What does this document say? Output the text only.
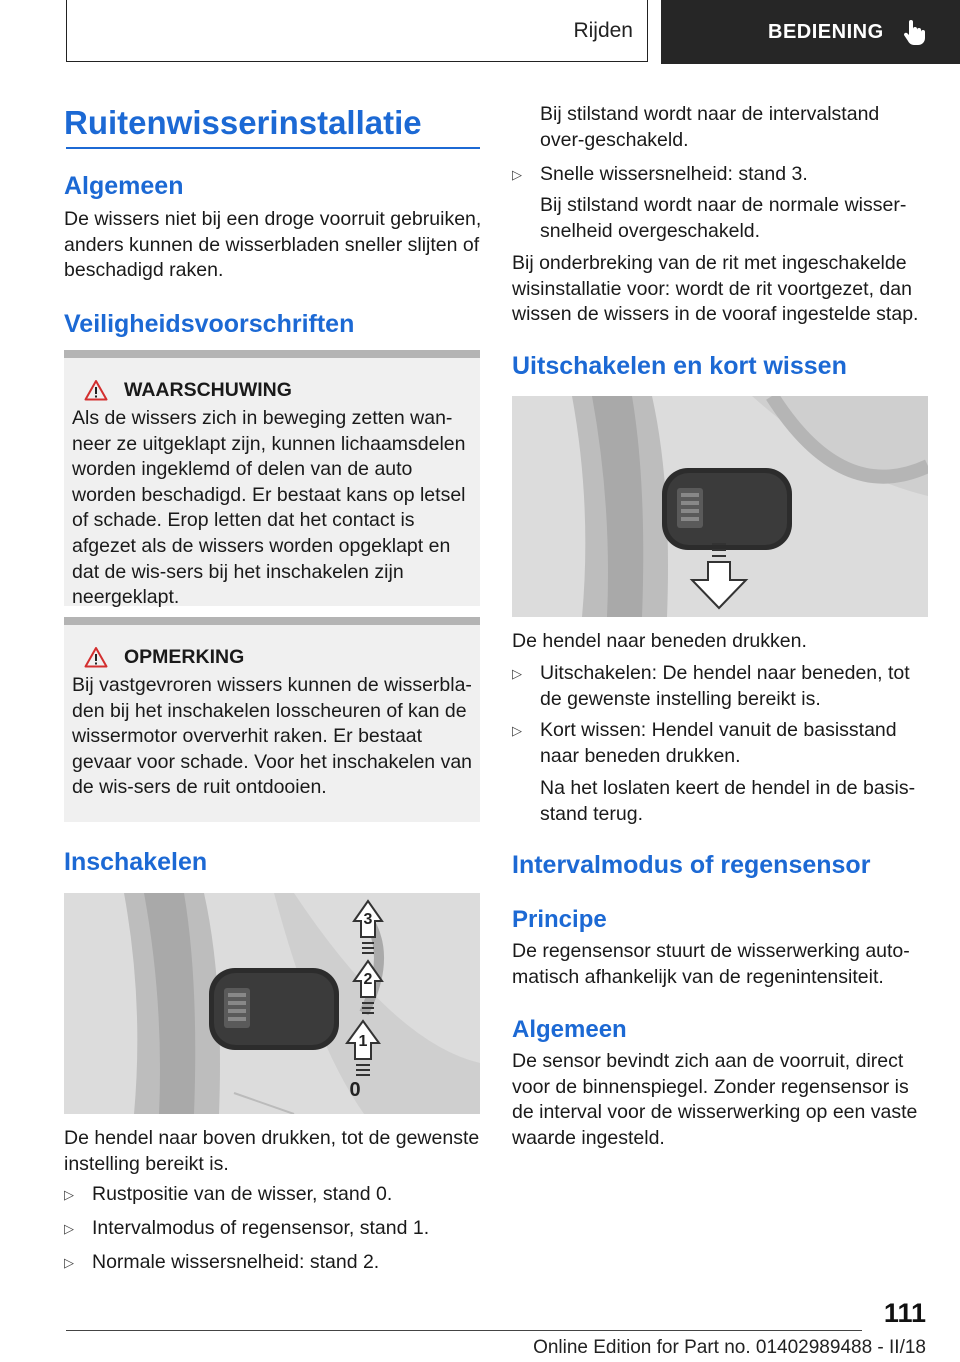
Rijden	BEDIENING
Ruitenwisserinstallatie
Algemeen

De wissers niet bij een droge voorruit gebruiken, anders kunnen de wisserbladen sneller slijten of beschadigd raken.

Veiligheidsvoorschriften
WAARSCHUWING

Als de wissers zich in beweging zetten wan-neer ze uitgeklapt zijn, kunnen lichaamsdelen worden ingeklemd of delen van de auto worden beschadigd. Er bestaat kans op letsel of schade. Erop letten dat het contact is afgezet als de wissers worden opgeklapt en dat de wis-sers bij het inschakelen zijn neergeklapt.

OPMERKING

Bij vastgevroren wissers kunnen de wisserbla-den bij het inschakelen losscheuren of kan de wissermotor oververhit raken. Er bestaat gevaar voor schade. Voor het inschakelen van de wis-sers de ruit ontdooien.

Inschakelen
3
2
1
0

De hendel naar boven drukken, tot de gewenste instelling bereikt is.

▷ Rustpositie van de wisser, stand 0.
▷ Intervalmodus of regensensor, stand 1.
▷ Normale wissersnelheid: stand 2.
Bij stilstand wordt naar de intervalstand over-geschakeld.
▷ Snelle wissersnelheid: stand 3.
Bij stilstand wordt naar de normale wisser-snelheid overgeschakeld.

Bij onderbreking van de rit met ingeschakelde wisinstallatie voor: wordt de rit voortgezet, dan wissen de wissers in de vooraf ingestelde stap.

Uitschakelen en kort wissen

De hendel naar beneden drukken.

▷ Uitschakelen: De hendel naar beneden, tot de gewenste instelling bereikt is.
▷ Kort wissen: Hendel vanuit de basisstand naar beneden drukken.
Na het loslaten keert de hendel in de basis-stand terug.
Intervalmodus of regensensor
Principe

De regensensor stuurt de wisserwerking auto-matisch afhankelijk van de regenintensiteit.

Algemeen

De sensor bevindt zich aan de voorruit, direct voor de binnenspiegel. Zonder regensensor is de interval voor de wisserwerking op een vaste waarde ingesteld.

111
Online Edition for Part no. 01402989488 - II/18
